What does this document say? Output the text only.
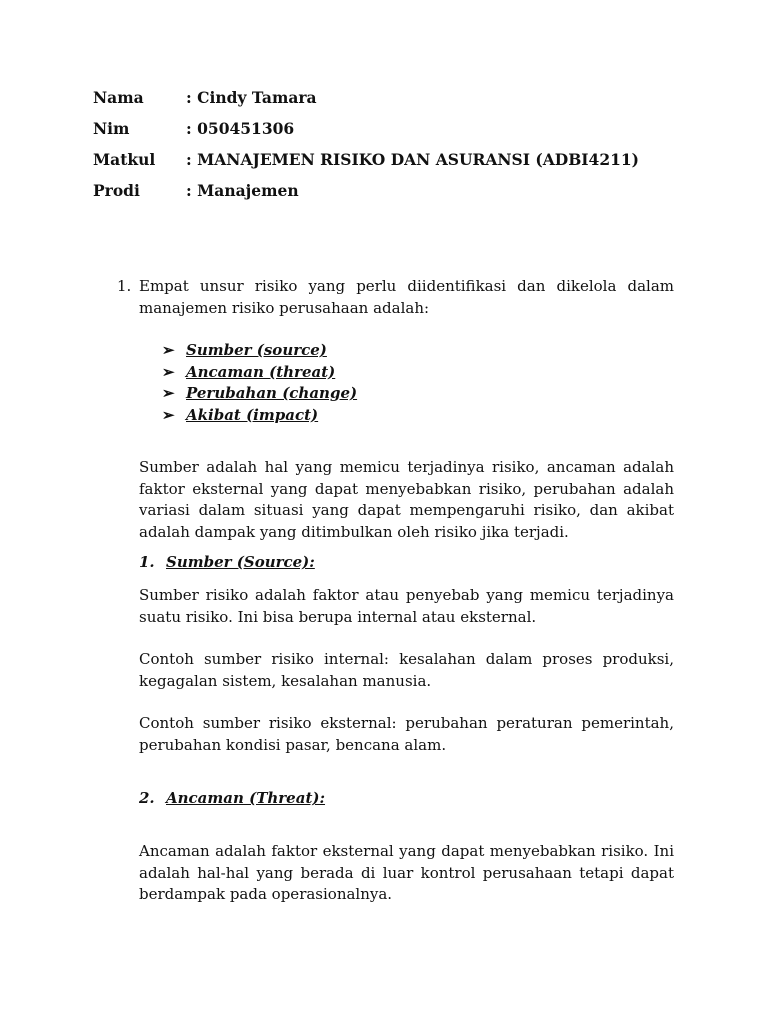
Nama	: Cindy Tamara
Nim	: 050451306
Matkul : MANAJEMEN RISIKO DAN ASURANSI (ADBI4211)
Prodi	: Manajemen
1. Empat unsur risiko yang perlu diidentifikasi dan dikelola dalam manajemen risiko perusahaan adalah:
➢ Sumber (source)
➢ Ancaman (threat)
➢ Perubahan (change)
➢ Akibat (impact)
Sumber adalah hal yang memicu terjadinya risiko, ancaman adalah faktor eksternal yang dapat menyebabkan risiko, perubahan adalah variasi dalam situasi yang dapat mempengaruhi risiko, dan akibat adalah dampak yang ditimbulkan oleh risiko jika terjadi.
1. Sumber (Source):
Sumber risiko adalah faktor atau penyebab yang memicu terjadinya suatu risiko. Ini bisa berupa internal atau eksternal.
Contoh sumber risiko internal: kesalahan dalam proses produksi, kegagalan sistem, kesalahan manusia.
Contoh sumber risiko eksternal: perubahan peraturan pemerintah, perubahan kondisi pasar, bencana alam.
2. Ancaman (Threat):
Ancaman adalah faktor eksternal yang dapat menyebabkan risiko. Ini adalah hal-hal yang berada di luar kontrol perusahaan tetapi dapat berdampak pada operasionalnya.
